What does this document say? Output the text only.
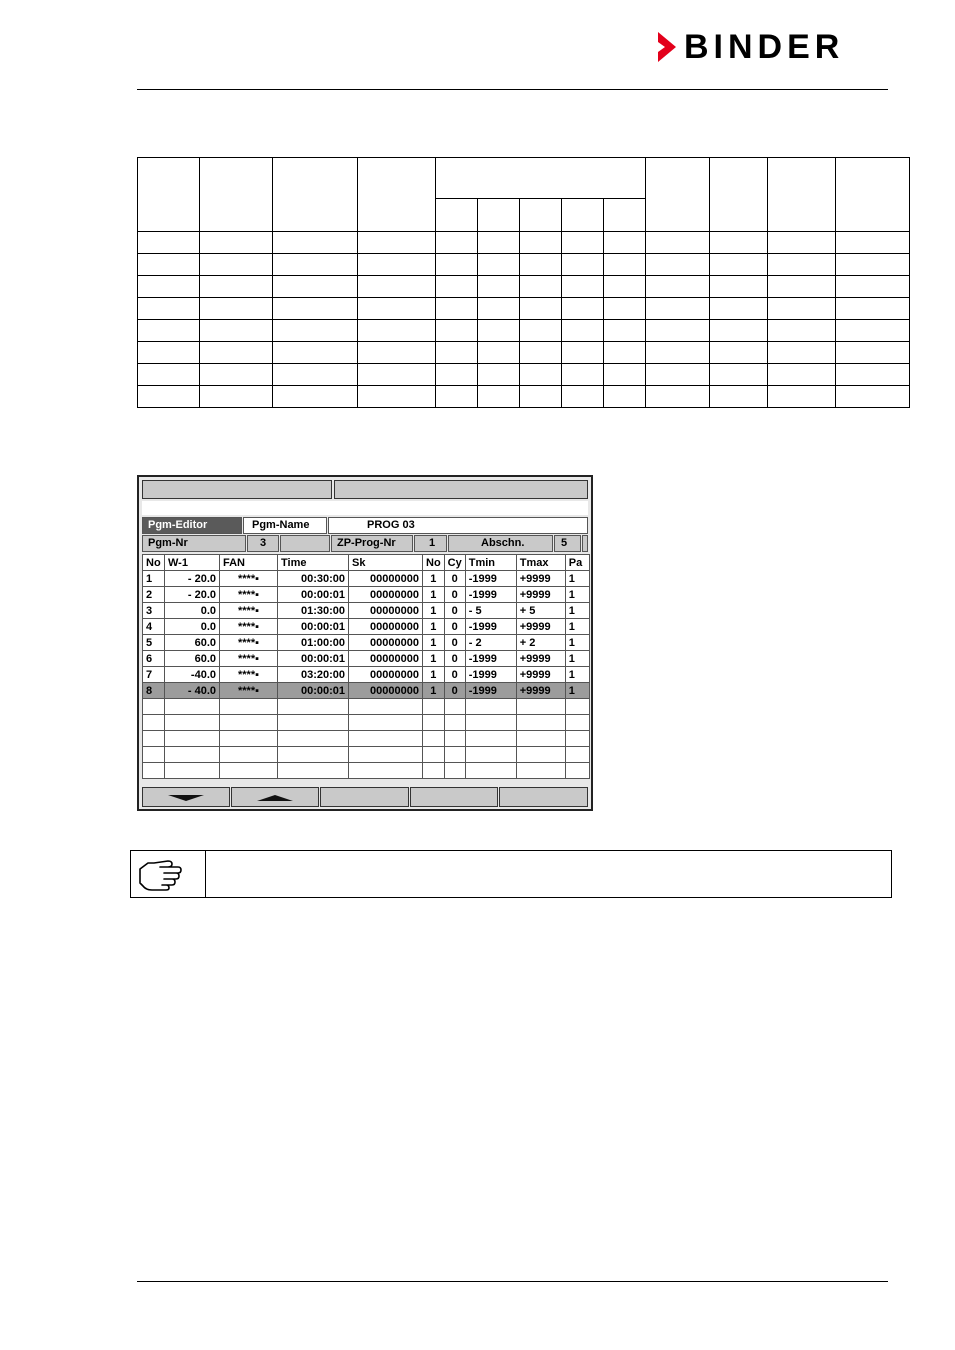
BINDER

Pgm-Editor	Pgm-Name	PROG 03
Pgm-Nr	3	ZP-Prog-Nr	1	Abschn.	5
No	W-1	FAN	Time	Sk	No	Cy	Tmin	Tmax	Pa
1	- 20.0	****▪	00:30:00	00000000	1	0	-1999	+9999	1
2	- 20.0	****▪	00:00:01	00000000	1	0	-1999	+9999	1
3	0.0	****▪	01:30:00	00000000	1	0	- 5	+ 5	1
4	0.0	****▪	00:00:01	00000000	1	0	-1999	+9999	1
5	60.0	****▪	01:00:00	00000000	1	0	- 2	+ 2	1
6	60.0	****▪	00:00:01	00000000	1	0	-1999	+9999	1
7	-40.0	****▪	03:20:00	00000000	1	0	-1999	+9999	1
8	- 40.0	****▪	00:00:01	00000000	1	0	-1999	+9999	1
